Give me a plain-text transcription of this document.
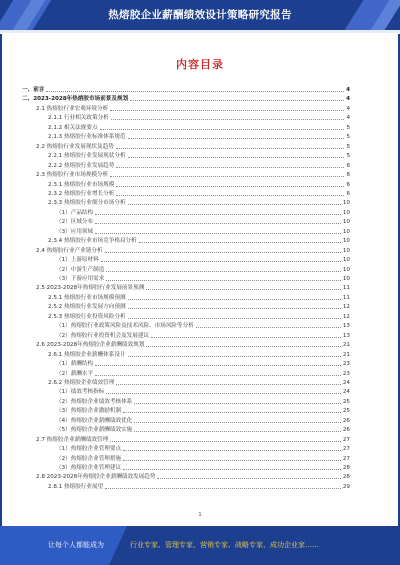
热熔胶企业薪酬绩效设计策略研究报告
内容目录
一、前言	4
二、2023-2028年热熔胶市场前景及规划	4
2.1 热熔胶行业宏观环境分析	4
2.1.1 行业相关政策分析	4
2.1.2 相关法规要点	5
2.1.3 热熔胶行业标准体系规范	5
2.2 热熔胶行业发展现状及趋势	5
2.2.1 热熔胶行业发展现状分析	5
2.2.2 热熔胶行业发展趋势	6
2.3 热熔胶行业市场规模分析	6
2.3.1 热熔胶行业市场规模	6
2.3.2 热熔胶行业增长分析	6
2.3.3 热熔胶行业细分市场分析	10
（1）产品结构	10
（2）区域分布	10
（3）应用领域	10
2.3.4 热熔胶行业市场竞争格局分析	10
2.4 热熔胶行业产业链分析	10
（1）上游原材料	10
（2）中游生产制造	10
（3）下游应用需求	10
2.5 2023-2028年热熔胶行业发展前景预测	11
2.5.1 热熔胶行业市场规模预测	11
2.5.2 热熔胶行业发展方向预测	12
2.5.3 热熔胶行业投资风险分析	12
（1）热熔胶行业政策风险及技术风险、市场风险等分析	13
（2）热熔胶行业投资机会及发展建议	13
2.6 2023-2028年热熔胶企业薪酬绩效规划	21
2.6.1 热熔胶企业薪酬体系设计	21
（1）薪酬结构	23
（2）薪酬水平	23
2.6.2 热熔胶企业绩效管理	24
（1）绩效考核指标	24
（2）热熔胶企业绩效考核体系	25
（3）热熔胶企业激励机制	25
（4）热熔胶企业薪酬绩效优化	26
（5）热熔胶企业薪酬绩效实施	26
2.7 热熔胶企业薪酬绩效管理	27
（1）热熔胶企业管理要点	27
（2）热熔胶企业管理措施	27
（3）热熔胶企业管理建议	28
2.8 2023-2028年热熔胶企业薪酬绩效发展趋势	28
2.8.1 热熔胶行业展望	29
1
让每个人都能成为	行业专家、管理专家、营销专家、战略专家、成功企业家……
